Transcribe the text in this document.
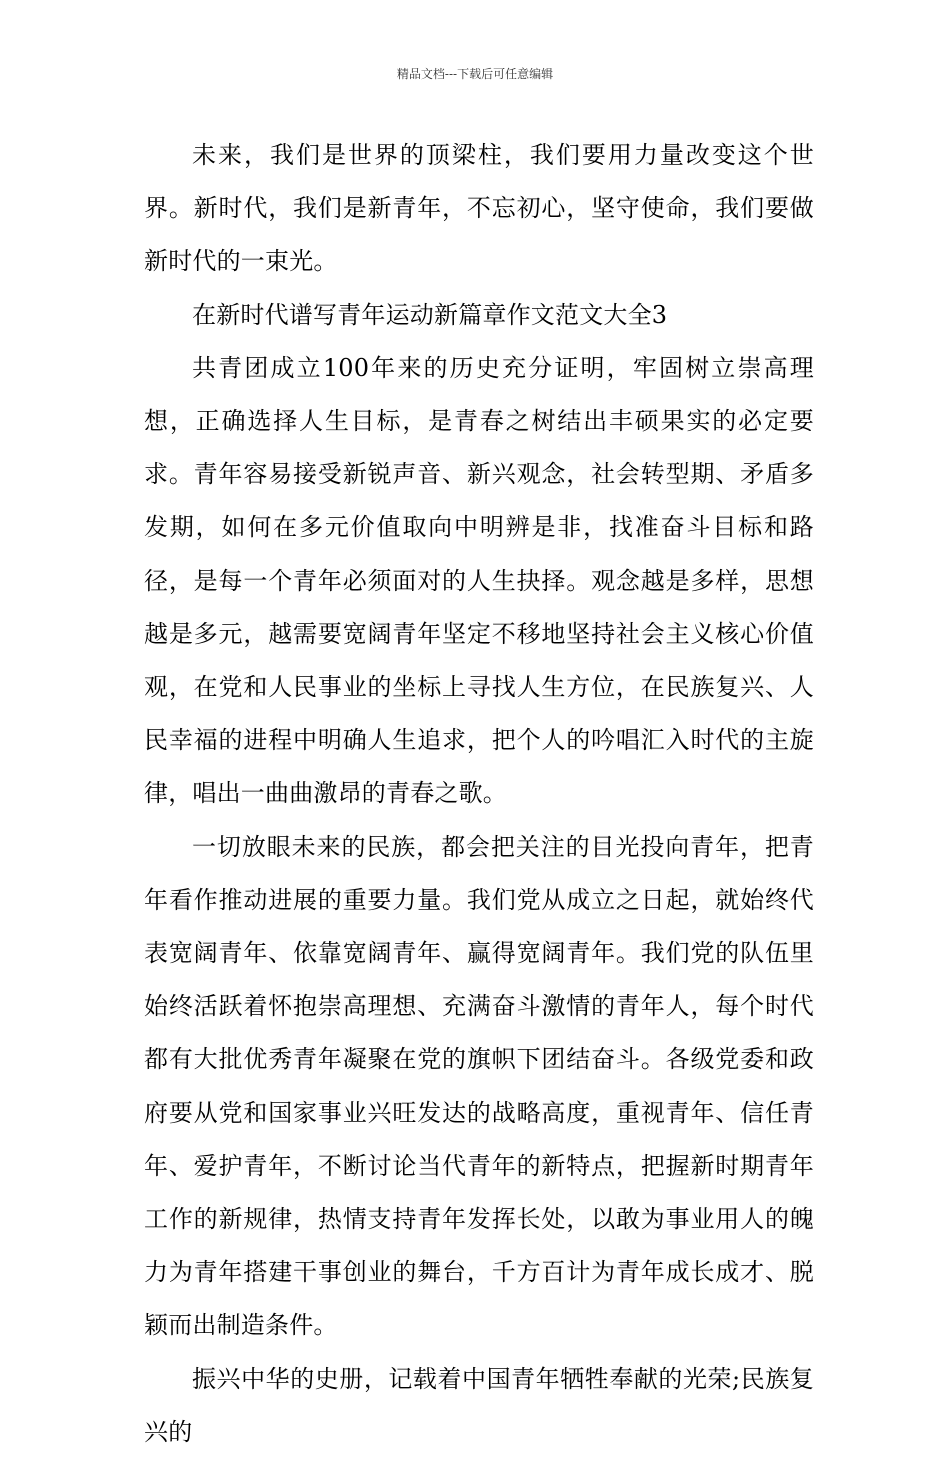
精品文档---下载后可任意编辑

未来，我们是世界的顶梁柱，我们要用力量改变这个世界。新时代，我们是新青年，不忘初心，坚守使命，我们要做新时代的一束光。

在新时代谱写青年运动新篇章作文范文大全3

共青团成立100年来的历史充分证明，牢固树立崇高理想，正确选择人生目标，是青春之树结出丰硕果实的必定要求。青年容易接受新锐声音、新兴观念，社会转型期、矛盾多发期，如何在多元价值取向中明辨是非，找准奋斗目标和路径，是每一个青年必须面对的人生抉择。观念越是多样，思想越是多元，越需要宽阔青年坚定不移地坚持社会主义核心价值观，在党和人民事业的坐标上寻找人生方位，在民族复兴、人民幸福的进程中明确人生追求，把个人的吟唱汇入时代的主旋律，唱出一曲曲激昂的青春之歌。

一切放眼未来的民族，都会把关注的目光投向青年，把青年看作推动进展的重要力量。我们党从成立之日起，就始终代表宽阔青年、依靠宽阔青年、赢得宽阔青年。我们党的队伍里始终活跃着怀抱崇高理想、充满奋斗激情的青年人，每个时代都有大批优秀青年凝聚在党的旗帜下团结奋斗。各级党委和政府要从党和国家事业兴旺发达的战略高度，重视青年、信任青年、爱护青年，不断讨论当代青年的新特点，把握新时期青年工作的新规律，热情支持青年发挥长处，以敢为事业用人的魄力为青年搭建干事创业的舞台，千方百计为青年成长成才、脱颖而出制造条件。

振兴中华的史册，记载着中国青年牺牲奉献的光荣;民族复兴的
